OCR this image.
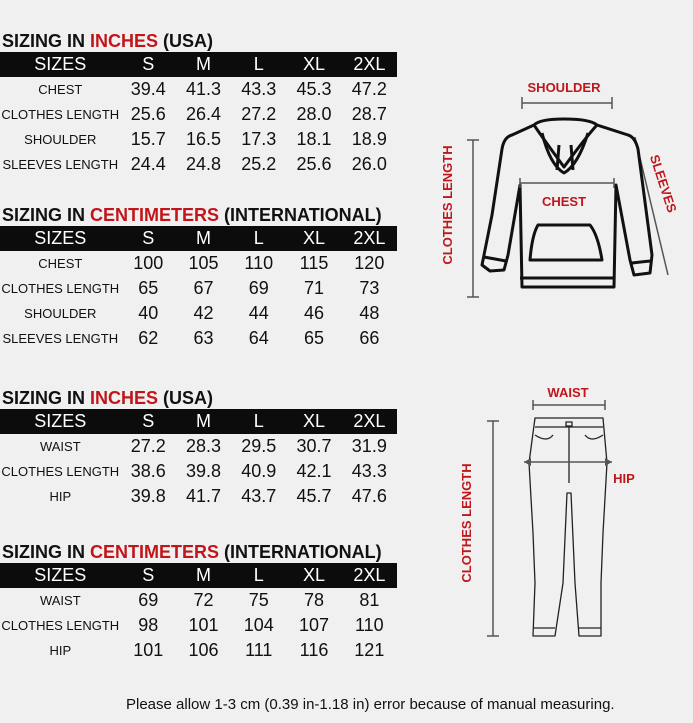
SIZING IN INCHES (USA)
SIZES	S	M	L	XL	2XL
CHEST	39.4	41.3	43.3	45.3	47.2
CLOTHES LENGTH	25.6	26.4	27.2	28.0	28.7
SHOULDER	15.7	16.5	17.3	18.1	18.9
SLEEVES LENGTH	24.4	24.8	25.2	25.6	26.0
SIZING IN CENTIMETERS (INTERNATIONAL)
SIZES	S	M	L	XL	2XL
CHEST	100	105	110	115	120
CLOTHES LENGTH	65	67	69	71	73
SHOULDER	40	42	44	46	48
SLEEVES LENGTH	62	63	64	65	66
SIZING IN INCHES (USA)
SIZES	S	M	L	XL	2XL
WAIST	27.2	28.3	29.5	30.7	31.9
CLOTHES LENGTH	38.6	39.8	40.9	42.1	43.3
HIP	39.8	41.7	43.7	45.7	47.6
SIZING IN CENTIMETERS (INTERNATIONAL)
SIZES	S	M	L	XL	2XL
WAIST	69	72	75	78	81
CLOTHES LENGTH	98	101	104	107	110
HIP	101	106	111	116	121
SHOULDER
CLOTHES LENGTH	SLEEVES
CHEST
WAIST
CLOTHES LENGTH	HIP
Please allow 1-3 cm (0.39 in-1.18 in) error because of manual measuring.
